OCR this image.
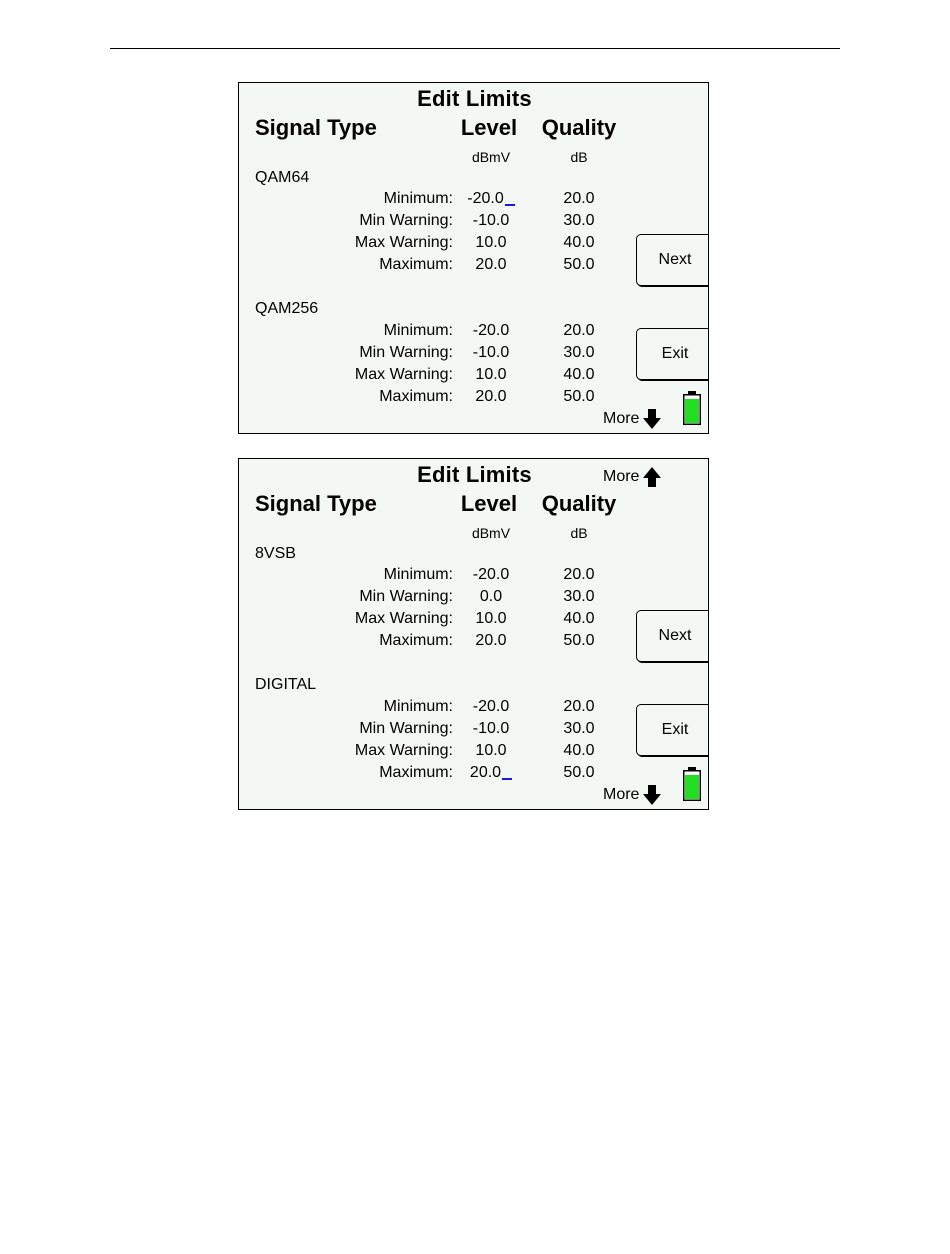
Edit Limits
Signal Type	Level	Quality
dBmV	dB
QAM64
Minimum: -20.0	20.0
Min Warning:	-10.0	30.0
Max Warning:	10.0	40.0
Maximum:	20.0	50.0
QAM256
Minimum:	-20.0	20.0
Min Warning:	-10.0	30.0
Max Warning:	10.0	40.0
Maximum:	20.0	50.0
Next
Exit
More
Edit Limits	More
Signal Type	Level	Quality
dBmV	dB
8VSB
Minimum:	-20.0	20.0
Min Warning:	0.0	30.0
Max Warning:	10.0	40.0
Maximum:	20.0	50.0
DIGITAL
Minimum:	-20.0	20.0
Min Warning:	-10.0	30.0
Max Warning:	10.0	40.0
Maximum:	20.0	50.0
Next
Exit
More
